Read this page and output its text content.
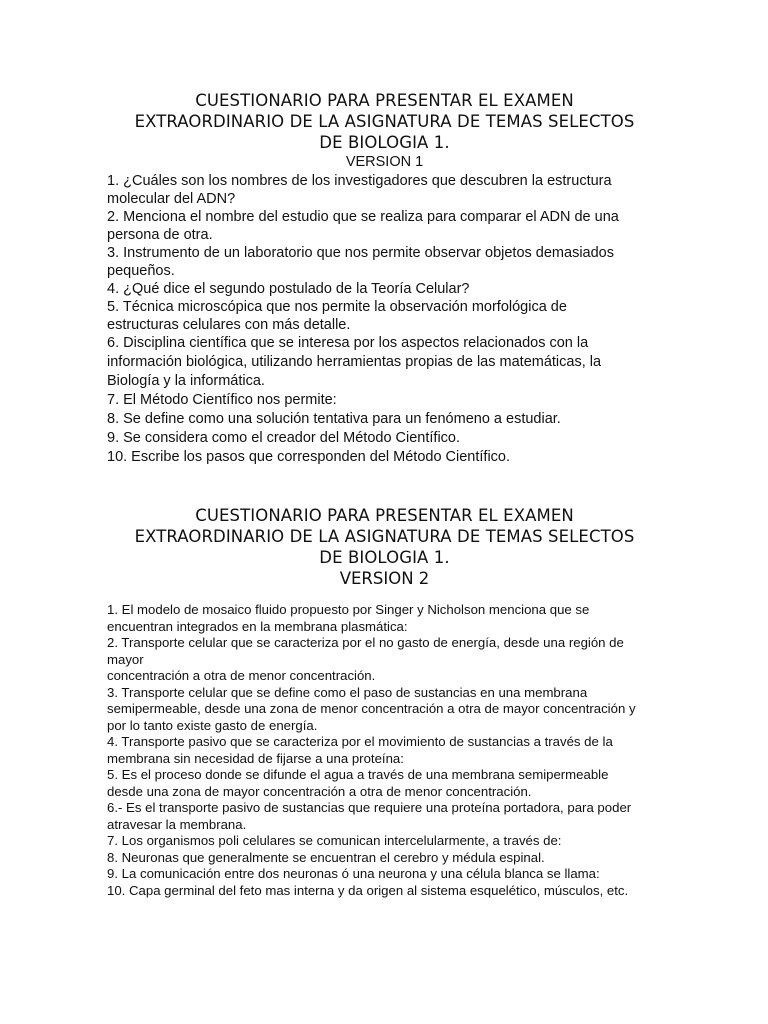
CUESTIONARIO PARA PRESENTAR EL EXAMEN
EXTRAORDINARIO DE LA ASIGNATURA DE TEMAS SELECTOS
DE BIOLOGIA 1.
VERSION 1
1. ¿Cuáles son los nombres de los investigadores que descubren la estructura
molecular del ADN?
2. Menciona el nombre del estudio que se realiza para comparar el ADN de una
persona de otra.
3. Instrumento de un laboratorio que nos permite observar objetos demasiados
pequeños.
4. ¿Qué dice el segundo postulado de la Teoría Celular?
5. Técnica microscópica que nos permite la observación morfológica de
estructuras celulares con más detalle.
6. Disciplina científica que se interesa por los aspectos relacionados con la
información biológica, utilizando herramientas propias de las matemáticas, la
Biología y la informática.
7. El Método Científico nos permite:
8. Se define como una solución tentativa para un fenómeno a estudiar.
9. Se considera como el creador del Método Científico.
10. Escribe los pasos que corresponden del Método Científico.
CUESTIONARIO PARA PRESENTAR EL EXAMEN
EXTRAORDINARIO DE LA ASIGNATURA DE TEMAS SELECTOS
DE BIOLOGIA 1.
VERSION 2
1. El modelo de mosaico fluido propuesto por Singer y Nicholson menciona que se
encuentran integrados en la membrana plasmática:
2. Transporte celular que se caracteriza por el no gasto de energía, desde una región de
mayor
concentración a otra de menor concentración.
3. Transporte celular que se define como el paso de sustancias en una membrana
semipermeable, desde una zona de menor concentración a otra de mayor concentración y
por lo tanto existe gasto de energía.
4. Transporte pasivo que se caracteriza por el movimiento de sustancias a través de la
membrana sin necesidad de fijarse a una proteína:
5. Es el proceso donde se difunde el agua a través de una membrana semipermeable
desde una zona de mayor concentración a otra de menor concentración.
6.- Es el transporte pasivo de sustancias que requiere una proteína portadora, para poder
atravesar la membrana.
7. Los organismos poli celulares se comunican intercelularmente, a través de:
8. Neuronas que generalmente se encuentran el cerebro y médula espinal.
9. La comunicación entre dos neuronas ó una neurona y una célula blanca se llama:
10. Capa germinal del feto mas interna y da origen al sistema esquelético, músculos, etc.
